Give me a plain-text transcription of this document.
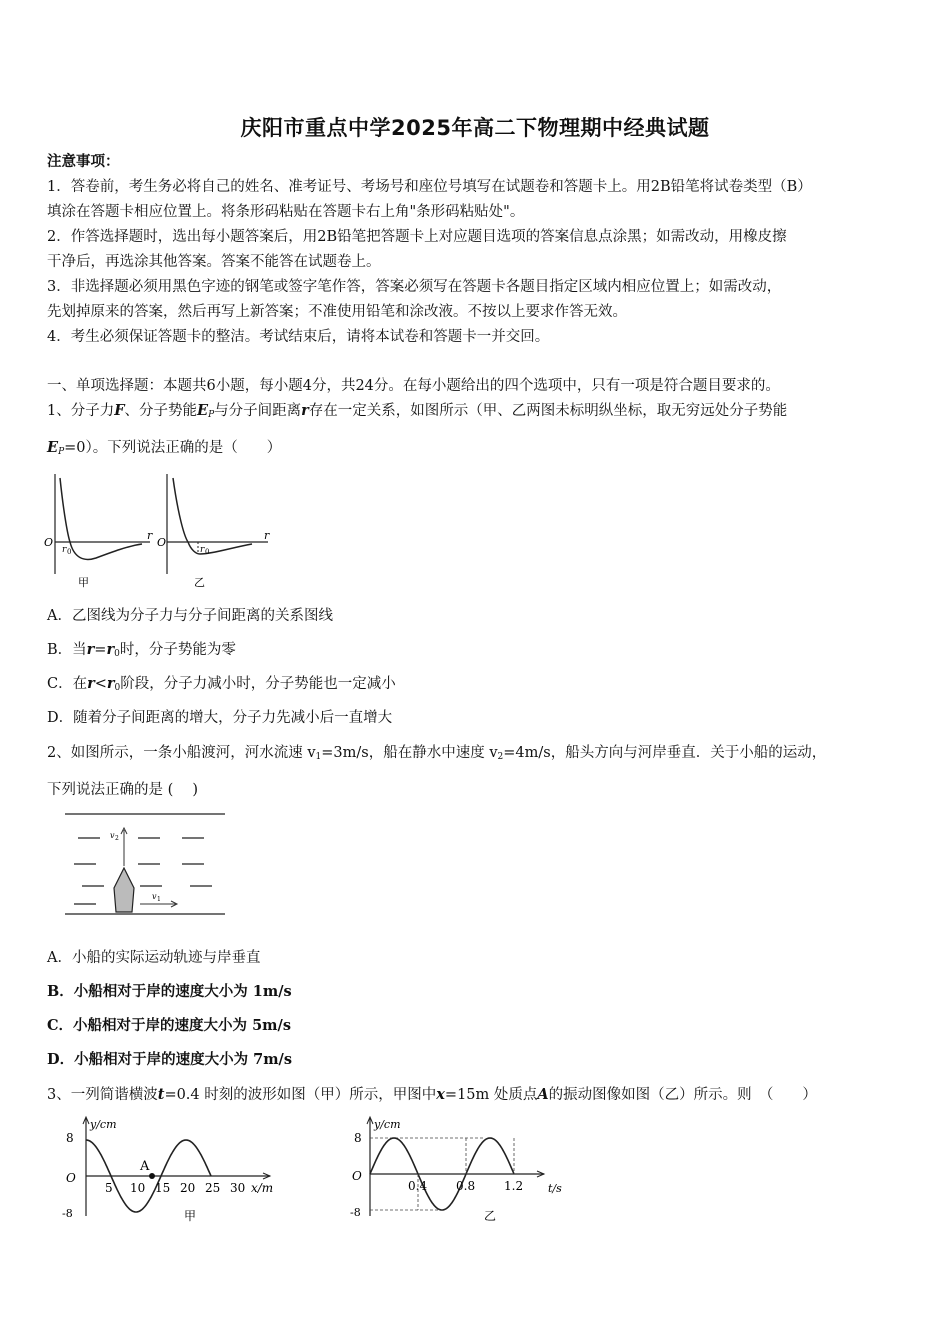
庆阳市重点中学2025年高二下物理期中经典试题
注意事项：
1．答卷前，考生务必将自己的姓名、准考证号、考场号和座位号填写在试题卷和答题卡上。用2B铅笔将试卷类型（B）
填涂在答题卡相应位置上。将条形码粘贴在答题卡右上角"条形码粘贴处"。
2．作答选择题时，选出每小题答案后，用2B铅笔把答题卡上对应题目选项的答案信息点涂黑；如需改动，用橡皮擦
干净后，再选涂其他答案。答案不能答在试题卷上。
3．非选择题必须用黑色字迹的钢笔或签字笔作答，答案必须写在答题卡各题目指定区域内相应位置上；如需改动，
先划掉原来的答案，然后再写上新答案；不准使用铅笔和涂改液。不按以上要求作答无效。
4．考生必须保证答题卡的整洁。考试结束后，请将本试卷和答题卡一并交回。
一、单项选择题：本题共6小题，每小题4分，共24分。在每小题给出的四个选项中，只有一项是符合题目要求的。
1、分子力F、分子势能$E_P$与分子间距离r存在一定关系，如图所示（甲、乙两图未标明纵坐标，取无穷远处分子势能
$E_P=0$）。下列说法正确的是（　　）
O
r
r 0
甲
O
r
r 0
乙
A．乙图线为分子力与分子间距离的关系图线
B．当$r=r_0$时，分子势能为零
C．在$r<r_0$阶段，分子力减小时，分子势能也一定减小
D．随着分子间距离的增大，分子力先减小后一直增大
2、如图所示，一条小船渡河，河水流速 $v_1=3m/s$，船在静水中速度 $v_2=4m/s$，船头方向与河岸垂直．关于小船的运动，
下列说法正确的是 (　 )
v 2
v 1
A．小船的实际运动轨迹与岸垂直
B．小船相对于岸的速度大小为 1m/s
C．小船相对于岸的速度大小为 5m/s
D．小船相对于岸的速度大小为 7m/s
3、一列简谐横波t=0.4 时刻的波形如图（甲）所示，甲图中x=15m 处质点A的振动图像如图（乙）所示。则　（　　）
y/cm
8
O
-8
5 10 15 20 25 30 x/m
A
甲
y/cm
8
O
-8
0.4 0.8 1.2 t/s
乙
